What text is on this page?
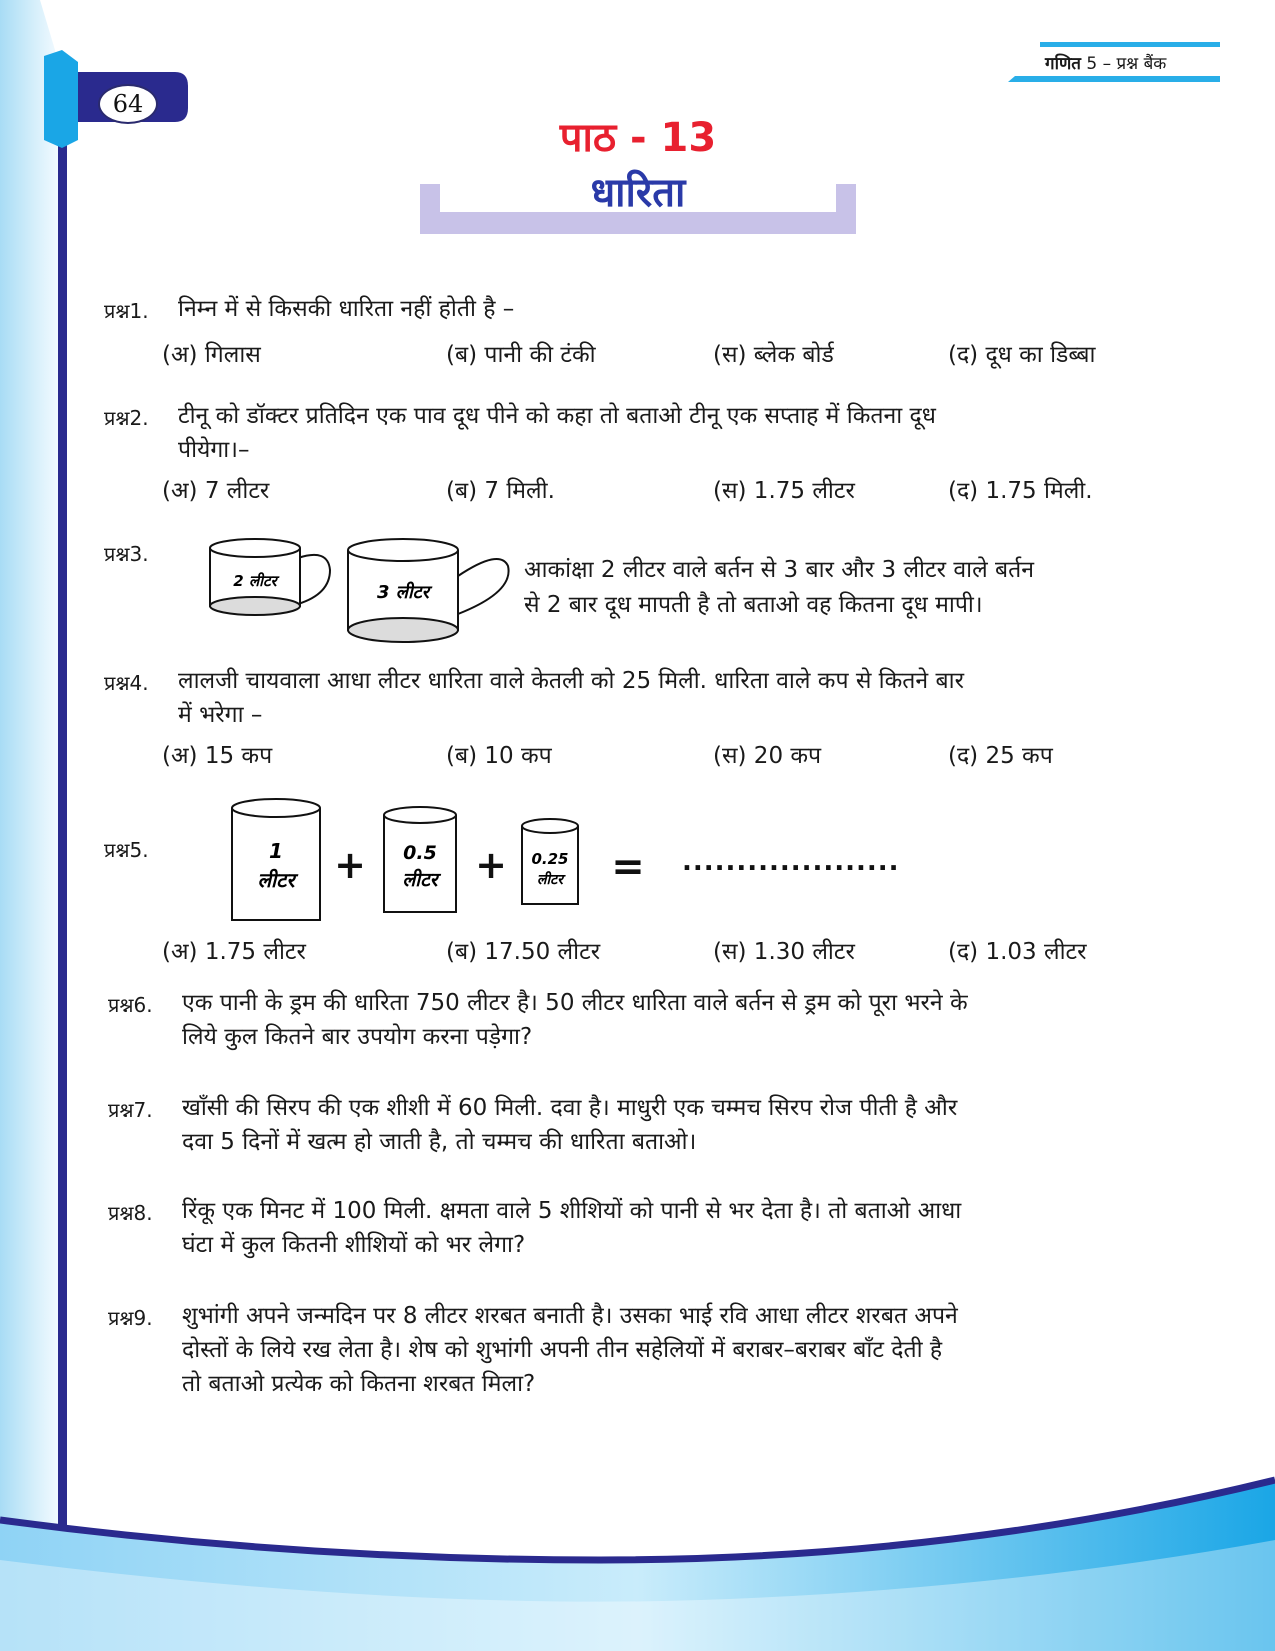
64
गणित 5 – प्रश्न बैंक
पाठ - 13
धारिता
प्रश्न1. निम्न में से किसकी धारिता नहीं होती है –
(अ) गिलास	(ब) पानी की टंकी	(स) ब्लेक बोर्ड	(द) दूध का डिब्बा
प्रश्न2. टीनू को डॉक्टर प्रतिदिन एक पाव दूध पीने को कहा तो बताओ टीनू एक सप्ताह में कितना दूध
पीयेगा।–
(अ) 7 लीटर	(ब) 7 मिली.	(स) 1.75 लीटर	(द) 1.75 मिली.
प्रश्न3.
2 लीटर
3 लीटर
आकांक्षा 2 लीटर वाले बर्तन से 3 बार और 3 लीटर वाले बर्तन
से 2 बार दूध मापती है तो बताओ वह कितना दूध मापी।
प्रश्न4. लालजी चायवाला आधा लीटर धारिता वाले केतली को 25 मिली. धारिता वाले कप से कितने बार
में भरेगा –
(अ) 15 कप	(ब) 10 कप	(स) 20 कप	(द) 25 कप
प्रश्न5.	1
लीटर + 0.5
लीटर + 0.25
लीटर = ....................
(अ) 1.75 लीटर	(ब) 17.50 लीटर	(स) 1.30 लीटर	(द) 1.03 लीटर
प्रश्न6. एक पानी के ड्रम की धारिता 750 लीटर है। 50 लीटर धारिता वाले बर्तन से ड्रम को पूरा भरने के
लिये कुल कितने बार उपयोग करना पड़ेगा?
प्रश्न7. खाँसी की सिरप की एक शीशी में 60 मिली. दवा है। माधुरी एक चम्मच सिरप रोज पीती है और
दवा 5 दिनों में खत्म हो जाती है, तो चम्मच की धारिता बताओ।
प्रश्न8. रिंकू एक मिनट में 100 मिली. क्षमता वाले 5 शीशियों को पानी से भर देता है। तो बताओ आधा
घंटा में कुल कितनी शीशियों को भर लेगा?
प्रश्न9. शुभांगी अपने जन्मदिन पर 8 लीटर शरबत बनाती है। उसका भाई रवि आधा लीटर शरबत अपने
दोस्तों के लिये रख लेता है। शेष को शुभांगी अपनी तीन सहेलियों में बराबर–बराबर बाँट देती है
तो बताओ प्रत्येक को कितना शरबत मिला?
